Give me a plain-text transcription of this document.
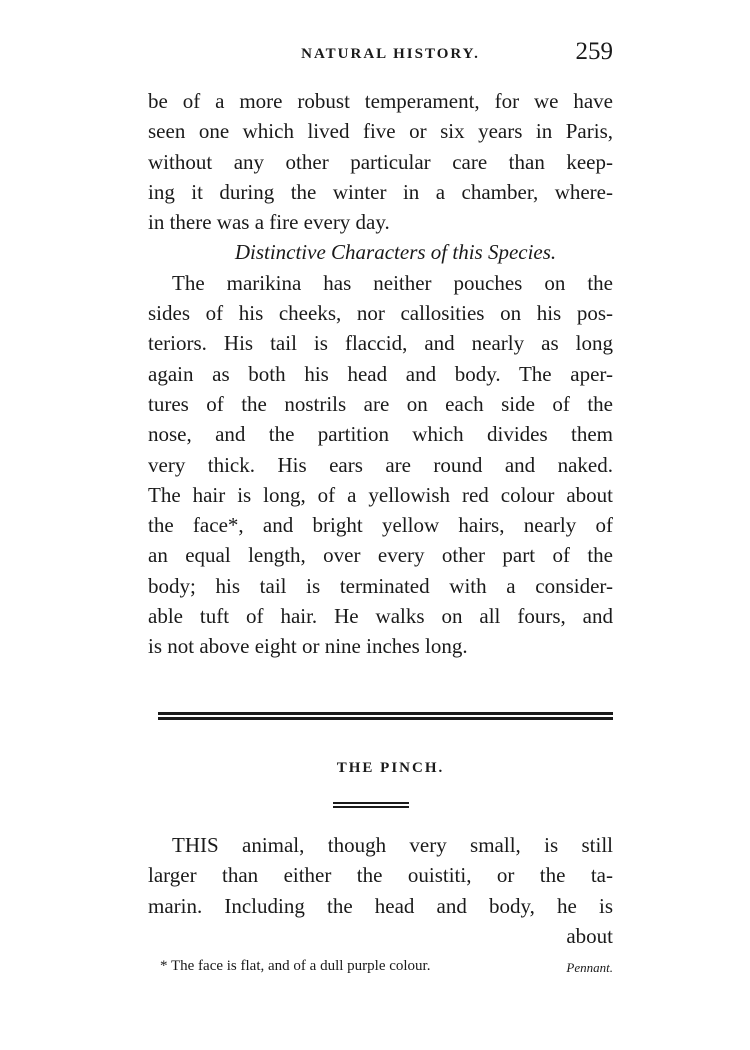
NATURAL HISTORY.	259
be of a more robust temperament, for we have
seen one which lived five or six years in Paris,
without any other particular care than keep-
ing it during the winter in a chamber, where-
in there was a fire every day.
Distinctive Characters of this Species.
The marikina has neither pouches on the
sides of his cheeks, nor callosities on his pos-
teriors. His tail is flaccid, and nearly as long
again as both his head and body. The aper-
tures of the nostrils are on each side of the
nose, and the partition which divides them
very thick. His ears are round and naked.
The hair is long, of a yellowish red colour about
the face*, and bright yellow hairs, nearly of
an equal length, over every other part of the
body; his tail is terminated with a consider-
able tuft of hair. He walks on all fours, and
is not above eight or nine inches long.
THE PINCH.
THIS animal, though very small, is still
larger than either the ouistiti, or the ta-
marin. Including the head and body, he is
about
* The face is flat, and of a dull purple colour.	Pennant.
